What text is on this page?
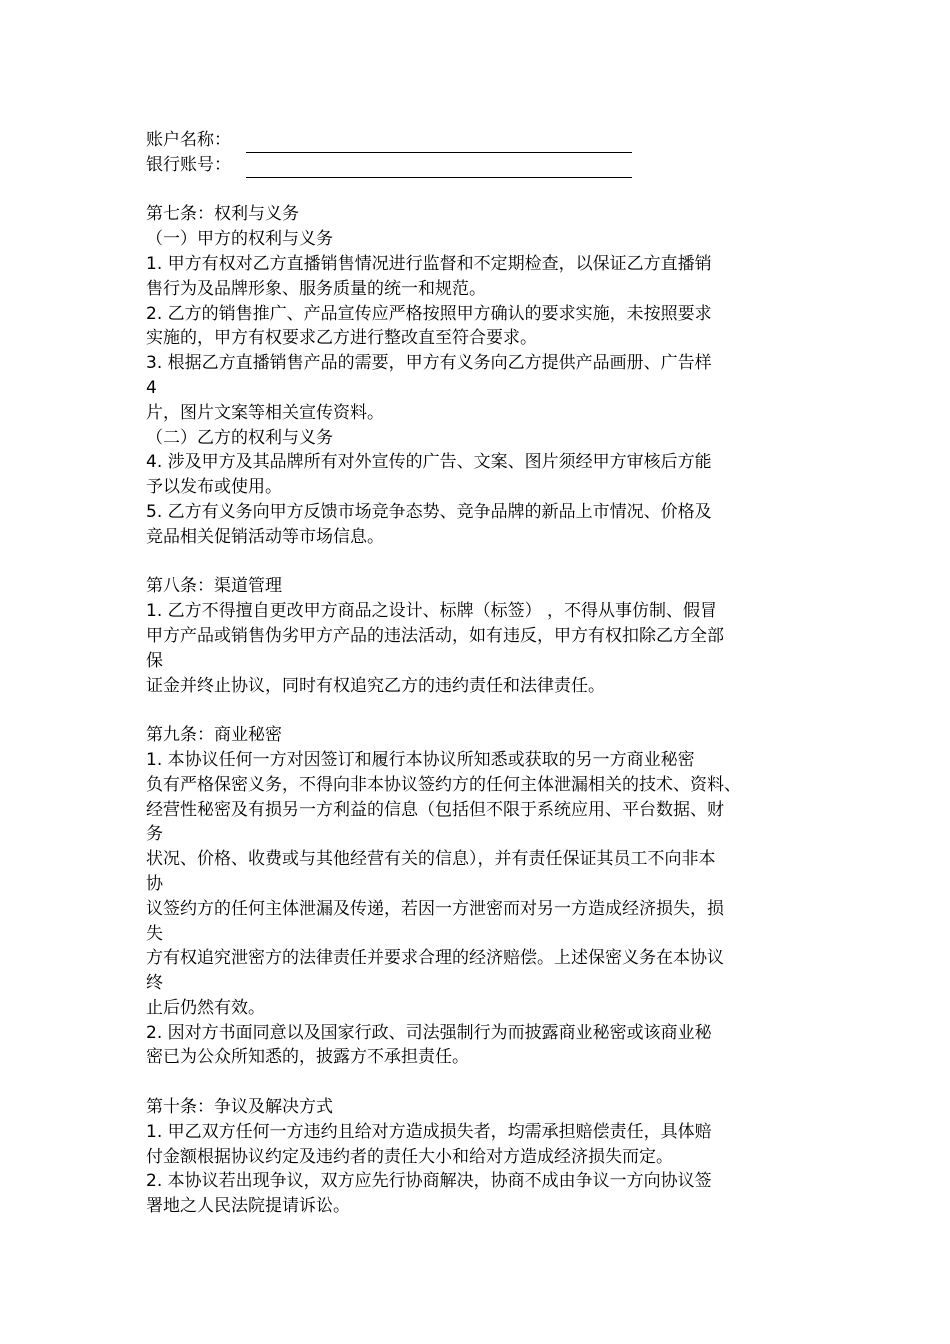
账户名称：
银行账号：
第七条：权利与义务
（一）甲方的权利与义务
1. 甲方有权对乙方直播销售情况进行监督和不定期检查，以保证乙方直播销
售行为及品牌形象、服务质量的统一和规范。
2. 乙方的销售推广、产品宣传应严格按照甲方确认的要求实施，未按照要求
实施的，甲方有权要求乙方进行整改直至符合要求。
3. 根据乙方直播销售产品的需要，甲方有义务向乙方提供产品画册、广告样
4
片，图片文案等相关宣传资料。
（二）乙方的权利与义务
4. 涉及甲方及其品牌所有对外宣传的广告、文案、图片须经甲方审核后方能
予以发布或使用。
5. 乙方有义务向甲方反馈市场竞争态势、竞争品牌的新品上市情况、价格及
竞品相关促销活动等市场信息。
第八条：渠道管理
1. 乙方不得擅自更改甲方商品之设计、标牌（标签） ，不得从事仿制、假冒
甲方产品或销售伪劣甲方产品的违法活动，如有违反，甲方有权扣除乙方全部
保
证金并终止协议，同时有权追究乙方的违约责任和法律责任。
第九条：商业秘密
1. 本协议任何一方对因签订和履行本协议所知悉或获取的另一方商业秘密
负有严格保密义务，不得向非本协议签约方的任何主体泄漏相关的技术、资料、
经营性秘密及有损另一方利益的信息（包括但不限于系统应用、平台数据、财
务
状况、价格、收费或与其他经营有关的信息），并有责任保证其员工不向非本
协
议签约方的任何主体泄漏及传递，若因一方泄密而对另一方造成经济损失，损
失
方有权追究泄密方的法律责任并要求合理的经济赔偿。上述保密义务在本协议
终
止后仍然有效。
2. 因对方书面同意以及国家行政、司法强制行为而披露商业秘密或该商业秘
密已为公众所知悉的，披露方不承担责任。
第十条：争议及解决方式
1. 甲乙双方任何一方违约且给对方造成损失者，均需承担赔偿责任，具体赔
付金额根据协议约定及违约者的责任大小和给对方造成经济损失而定。
2. 本协议若出现争议，双方应先行协商解决，协商不成由争议一方向协议签
署地之人民法院提请诉讼。
